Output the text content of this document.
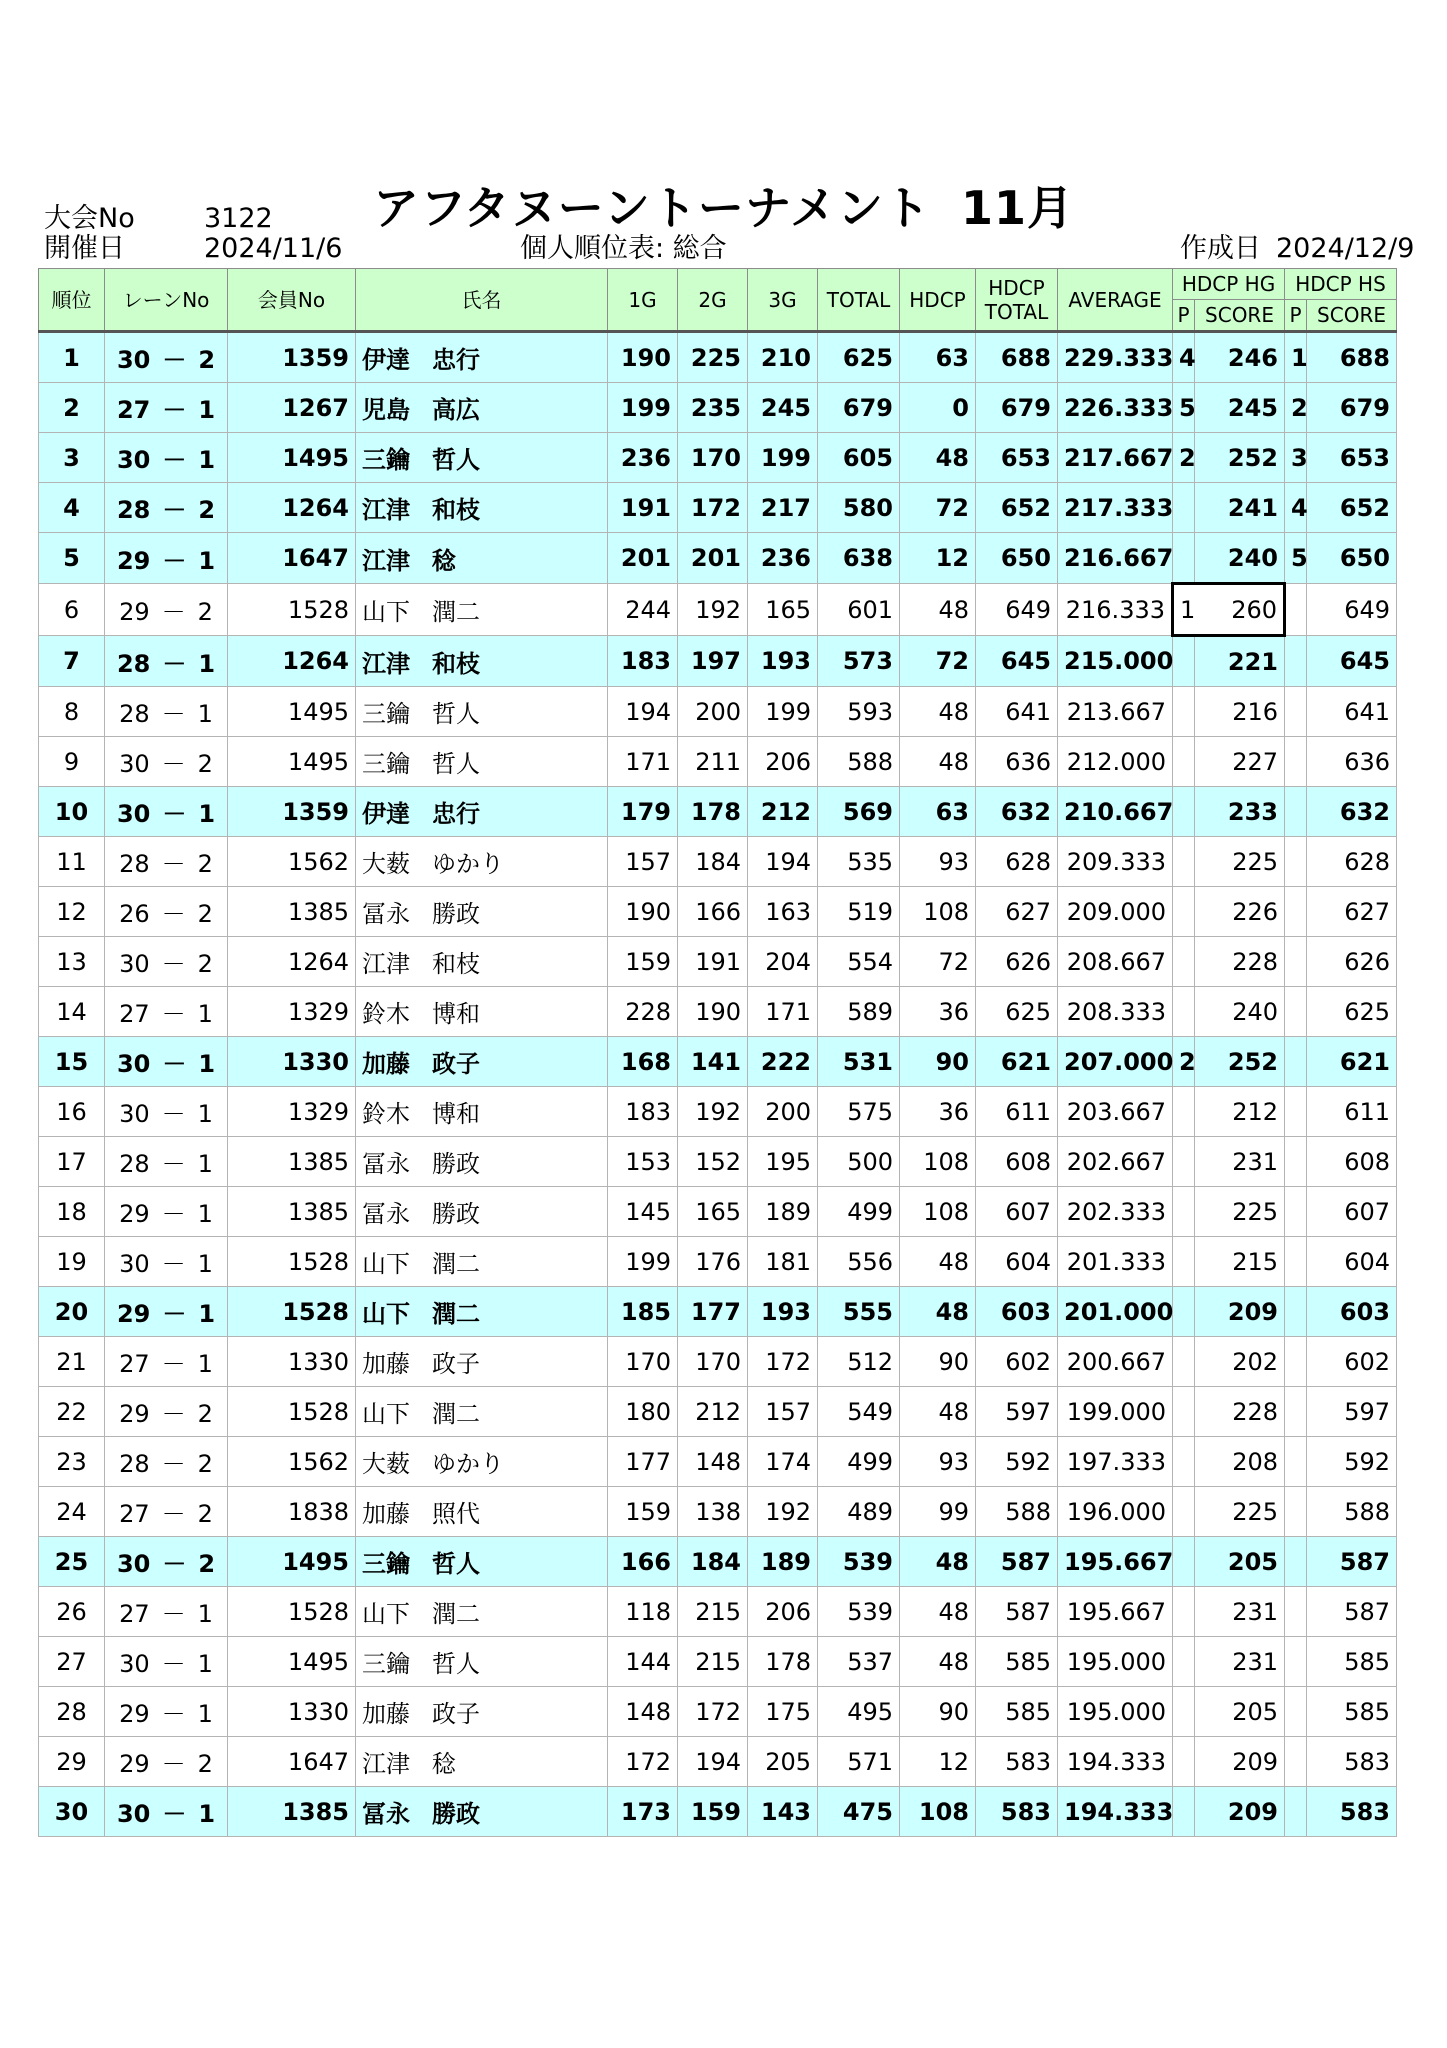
大会No	3122
開催日	2024/11/6	個人順位表: 総合	作成日 2024/12/9
アフタヌーントーナメント 11月
順位	レーンNo	会員No	氏名	1G	2G	3G	TOTAL	HDCP	HDCP
TOTAL	AVERAGE	HDCP HG		HDCP HS	
											P	SCORE	P	SCORE
1	30 － 2	1359	伊達 忠行	190	225	210	625	63	688	229.333	4	246	1	688
2	27 － 1	1267	児島 高広	199	235	245	679	0	679	226.333	5	245	2	679
3	30 － 1	1495	三鑰 哲人	236	170	199	605	48	653	217.667	2	252	3	653
4	28 － 2	1264	江津 和枝	191	172	217	580	72	652	217.333		241	4	652
5	29 － 1	1647	江津 稔	201	201	236	638	12	650	216.667		240	5	650
6	29 － 2	1528	山下 潤二	244	192	165	601	48	649	216.333	1	260		649
7	28 － 1	1264	江津 和枝	183	197	193	573	72	645	215.000		221		645
8	28 － 1	1495	三鑰 哲人	194	200	199	593	48	641	213.667		216		641
9	30 － 2	1495	三鑰 哲人	171	211	206	588	48	636	212.000		227		636
10	30 － 1	1359	伊達 忠行	179	178	212	569	63	632	210.667		233		632
11	28 － 2	1562	大薮 ゆかり	157	184	194	535	93	628	209.333		225		628
12	26 － 2	1385	冨永 勝政	190	166	163	519	108	627	209.000		226		627
13	30 － 2	1264	江津 和枝	159	191	204	554	72	626	208.667		228		626
14	27 － 1	1329	鈴木 博和	228	190	171	589	36	625	208.333		240		625
15	30 － 1	1330	加藤 政子	168	141	222	531	90	621	207.000	2	252		621
16	30 － 1	1329	鈴木 博和	183	192	200	575	36	611	203.667		212		611
17	28 － 1	1385	冨永 勝政	153	152	195	500	108	608	202.667		231		608
18	29 － 1	1385	冨永 勝政	145	165	189	499	108	607	202.333		225		607
19	30 － 1	1528	山下 潤二	199	176	181	556	48	604	201.333		215		604
20	29 － 1	1528	山下 潤二	185	177	193	555	48	603	201.000		209		603
21	27 － 1	1330	加藤 政子	170	170	172	512	90	602	200.667		202		602
22	29 － 2	1528	山下 潤二	180	212	157	549	48	597	199.000		228		597
23	28 － 2	1562	大薮 ゆかり	177	148	174	499	93	592	197.333		208		592
24	27 － 2	1838	加藤 照代	159	138	192	489	99	588	196.000		225		588
25	30 － 2	1495	三鑰 哲人	166	184	189	539	48	587	195.667		205		587
26	27 － 1	1528	山下 潤二	118	215	206	539	48	587	195.667		231		587
27	30 － 1	1495	三鑰 哲人	144	215	178	537	48	585	195.000		231		585
28	29 － 1	1330	加藤 政子	148	172	175	495	90	585	195.000		205		585
29	29 － 2	1647	江津 稔	172	194	205	571	12	583	194.333		209		583
30	30 － 1	1385	冨永 勝政	173	159	143	475	108	583	194.333		209		583
